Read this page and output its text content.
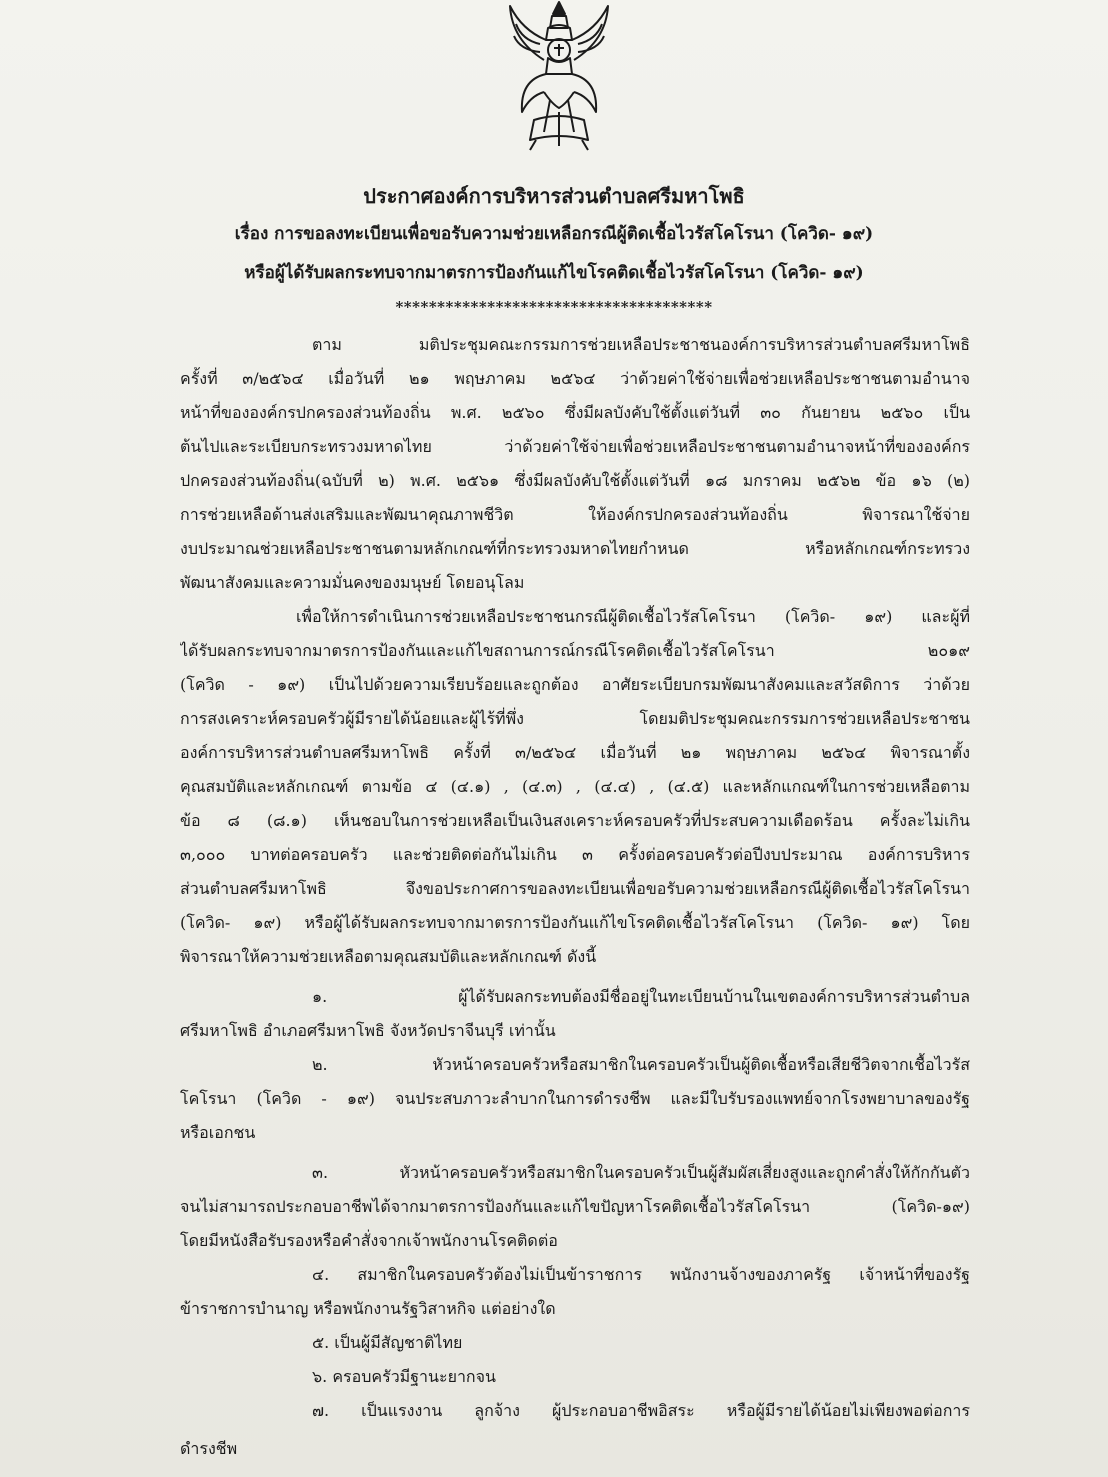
ประกาศองค์การบริหารส่วนตำบลศรีมหาโพธิ
เรื่อง การขอลงทะเบียนเพื่อขอรับความช่วยเหลือกรณีผู้ติดเชื้อไวรัสโคโรนา (โควิด- ๑๙)
หรือผู้ได้รับผลกระทบจากมาตรการป้องกันแก้ไขโรคติดเชื้อไวรัสโคโรนา (โควิด- ๑๙)
**************************************
ตาม มติประชุมคณะกรรมการช่วยเหลือประชาชนองค์การบริหารส่วนตำบลศรีมหาโพธิ
ครั้งที่ ๓/๒๕๖๔ เมื่อวันที่ ๒๑ พฤษภาคม ๒๕๖๔ ว่าด้วยค่าใช้จ่ายเพื่อช่วยเหลือประชาชนตามอำนาจ
หน้าที่ขององค์กรปกครองส่วนท้องถิ่น พ.ศ. ๒๕๖๐ ซึ่งมีผลบังคับใช้ตั้งแต่วันที่ ๓๐ กันยายน ๒๕๖๐ เป็น
ต้นไปและระเบียบกระทรวงมหาดไทย ว่าด้วยค่าใช้จ่ายเพื่อช่วยเหลือประชาชนตามอำนาจหน้าที่ขององค์กร
ปกครองส่วนท้องถิ่น(ฉบับที่ ๒) พ.ศ. ๒๕๖๑ ซึ่งมีผลบังคับใช้ตั้งแต่วันที่ ๑๘ มกราคม ๒๕๖๒ ข้อ ๑๖ (๒)
การช่วยเหลือด้านส่งเสริมและพัฒนาคุณภาพชีวิต ให้องค์กรปกครองส่วนท้องถิ่น พิจารณาใช้จ่าย
งบประมาณช่วยเหลือประชาชนตามหลักเกณฑ์ที่กระทรวงมหาดไทยกำหนด หรือหลักเกณฑ์กระทรวง
พัฒนาสังคมและความมั่นคงของมนุษย์ โดยอนุโลม
เพื่อให้การดำเนินการช่วยเหลือประชาชนกรณีผู้ติดเชื้อไวรัสโคโรนา (โควิด- ๑๙) และผู้ที่
ได้รับผลกระทบจากมาตรการป้องกันและแก้ไขสถานการณ์กรณีโรคติดเชื้อไวรัสโคโรนา ๒๐๑๙
(โควิด - ๑๙) เป็นไปด้วยความเรียบร้อยและถูกต้อง อาศัยระเบียบกรมพัฒนาสังคมและสวัสดิการ ว่าด้วย
การสงเคราะห์ครอบครัวผู้มีรายได้น้อยและผู้ไร้ที่พึ่ง โดยมติประชุมคณะกรรมการช่วยเหลือประชาชน
องค์การบริหารส่วนตำบลศรีมหาโพธิ ครั้งที่ ๓/๒๕๖๔ เมื่อวันที่ ๒๑ พฤษภาคม ๒๕๖๔ พิจารณาตั้ง
คุณสมบัติและหลักเกณฑ์ ตามข้อ ๔ (๔.๑) , (๔.๓) , (๔.๔) , (๔.๕) และหลักแกณฑ์ในการช่วยเหลือตาม
ข้อ ๘ (๘.๑) เห็นชอบในการช่วยเหลือเป็นเงินสงเคราะห์ครอบครัวที่ประสบความเดือดร้อน ครั้งละไม่เกิน
๓,๐๐๐ บาทต่อครอบครัว และช่วยติดต่อกันไม่เกิน ๓ ครั้งต่อครอบครัวต่อปีงบประมาณ องค์การบริหาร
ส่วนตำบลศรีมหาโพธิ จึงขอประกาศการขอลงทะเบียนเพื่อขอรับความช่วยเหลือกรณีผู้ติดเชื้อไวรัสโคโรนา
(โควิด- ๑๙) หรือผู้ได้รับผลกระทบจากมาตรการป้องกันแก้ไขโรคติดเชื้อไวรัสโคโรนา (โควิด- ๑๙) โดย
พิจารณาให้ความช่วยเหลือตามคุณสมบัติและหลักเกณฑ์ ดังนี้
๑. ผู้ได้รับผลกระทบต้องมีชื่ออยู่ในทะเบียนบ้านในเขตองค์การบริหารส่วนตำบล
ศรีมหาโพธิ อำเภอศรีมหาโพธิ จังหวัดปราจีนบุรี เท่านั้น
๒. หัวหน้าครอบครัวหรือสมาชิกในครอบครัวเป็นผู้ติดเชื้อหรือเสียชีวิตจากเชื้อไวรัส
โคโรนา (โควิด - ๑๙) จนประสบภาวะลำบากในการดำรงชีพ และมีใบรับรองแพทย์จากโรงพยาบาลของรัฐ
หรือเอกชน
๓. หัวหน้าครอบครัวหรือสมาชิกในครอบครัวเป็นผู้สัมผัสเสี่ยงสูงและถูกคำสั่งให้กักกันตัว
จนไม่สามารถประกอบอาชีพได้จากมาตรการป้องกันและแก้ไขปัญหาโรคติดเชื้อไวรัสโคโรนา (โควิด-๑๙)
โดยมีหนังสือรับรองหรือคำสั่งจากเจ้าพนักงานโรคติดต่อ
๔. สมาชิกในครอบครัวต้องไม่เป็นข้าราชการ พนักงานจ้างของภาครัฐ เจ้าหน้าที่ของรัฐ
ข้าราชการบำนาญ หรือพนักงานรัฐวิสาหกิจ แต่อย่างใด
๕. เป็นผู้มีสัญชาติไทย
๖. ครอบครัวมีฐานะยากจน
๗. เป็นแรงงาน ลูกจ้าง ผู้ประกอบอาชีพอิสระ หรือผู้มีรายได้น้อยไม่เพียงพอต่อการ
ดำรงชีพ
